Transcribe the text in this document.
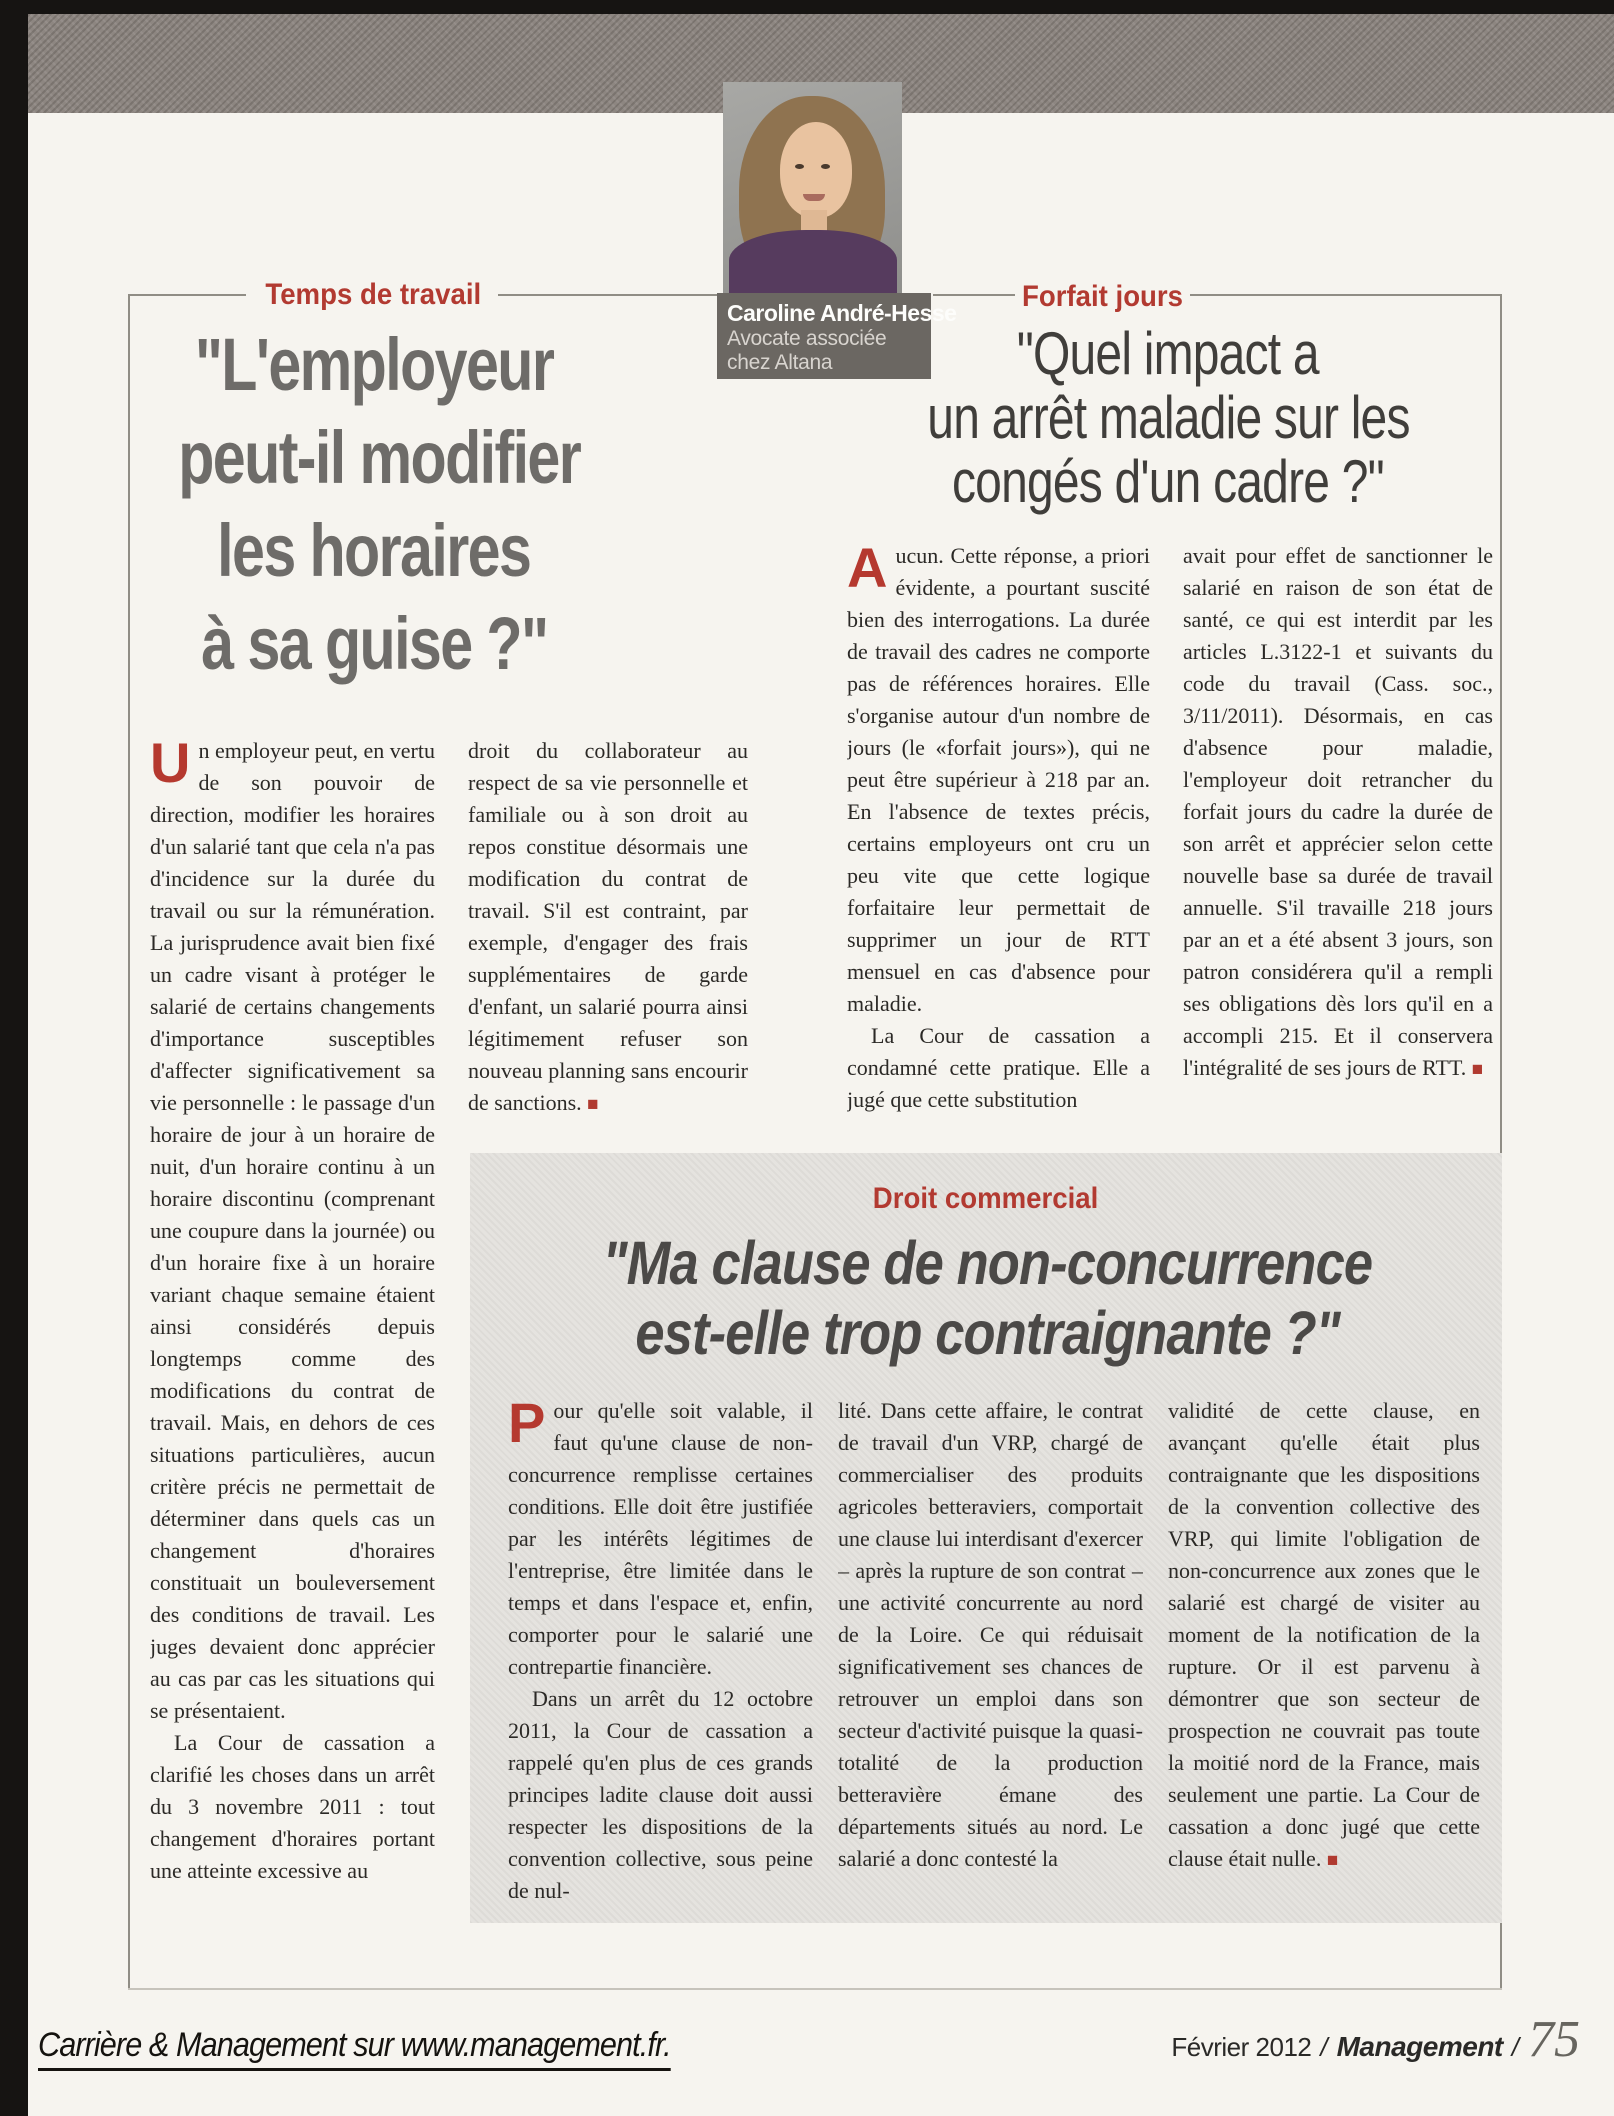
Caroline André-Hesse
Avocate associée
chez Altana
Temps de travail
"L'employeur
peut-il modifier
les horaires
à sa guise ?"

Un employeur peut, en vertu de son pouvoir de direction, modifier les horaires d'un salarié tant que cela n'a pas d'incidence sur la durée du travail ou sur la rémunération. La jurisprudence avait bien fixé un cadre visant à protéger le salarié de certains changements d'importance susceptibles d'affecter significativement sa vie personnelle : le passage d'un horaire de jour à un horaire de nuit, d'un horaire continu à un horaire discontinu (comprenant une coupure dans la journée) ou d'un horaire fixe à un horaire variant chaque semaine étaient ainsi considérés depuis longtemps comme des modifications du contrat de travail. Mais, en dehors de ces situations particulières, aucun critère précis ne permettait de déterminer dans quels cas un changement d'horaires constituait un bouleversement des conditions de travail. Les juges devaient donc apprécier au cas par cas les situations qui se présentaient.

La Cour de cassation a clarifié les choses dans un arrêt du 3 novembre 2011 : tout changement d'horaires portant une atteinte excessive au

droit du collaborateur au respect de sa vie personnelle et familiale ou à son droit au repos constitue désormais une modification du contrat de travail. S'il est contraint, par exemple, d'engager des frais supplémentaires de garde d'enfant, un salarié pourra ainsi légitimement refuser son nouveau planning sans encourir de sanctions. ■

Forfait jours
"Quel impact a
un arrêt maladie sur les
congés d'un cadre ?"

Aucun. Cette réponse, a priori évidente, a pourtant suscité bien des interrogations. La durée de travail des cadres ne comporte pas de références horaires. Elle s'organise autour d'un nombre de jours (le «forfait jours»), qui ne peut être supérieur à 218 par an. En l'absence de textes précis, certains employeurs ont cru un peu vite que cette logique forfaitaire leur permettait de supprimer un jour de RTT mensuel en cas d'absence pour maladie.

La Cour de cassation a condamné cette pratique. Elle a jugé que cette substitution

avait pour effet de sanctionner le salarié en raison de son état de santé, ce qui est interdit par les articles L.3122-1 et suivants du code du travail (Cass. soc., 3/11/2011). Désormais, en cas d'absence pour maladie, l'employeur doit retrancher du forfait jours du cadre la durée de son arrêt et apprécier selon cette nouvelle base sa durée de travail annuelle. S'il travaille 218 jours par an et a été absent 3 jours, son patron considérera qu'il a rempli ses obligations dès lors qu'il en a accompli 215. Et il conservera l'intégralité de ses jours de RTT. ■

Droit commercial
"Ma clause de non-concurrence
est-elle trop contraignante ?"

Pour qu'elle soit valable, il faut qu'une clause de non-concurrence remplisse certaines conditions. Elle doit être justifiée par les intérêts légitimes de l'entreprise, être limitée dans le temps et dans l'espace et, enfin, comporter pour le salarié une contrepartie financière.

Dans un arrêt du 12 octobre 2011, la Cour de cassation a rappelé qu'en plus de ces grands principes ladite clause doit aussi respecter les dispositions de la convention collective, sous peine de nul-

lité. Dans cette affaire, le contrat de travail d'un VRP, chargé de commercialiser des produits agricoles betteraviers, comportait une clause lui interdisant d'exercer – après la rupture de son contrat – une activité concurrente au nord de la Loire. Ce qui réduisait significativement ses chances de retrouver un emploi dans son secteur d'activité puisque la quasi-totalité de la production betteravière émane des départements situés au nord. Le salarié a donc contesté la

validité de cette clause, en avançant qu'elle était plus contraignante que les dispositions de la convention collective des VRP, qui limite l'obligation de non-concurrence aux zones que le salarié est chargé de visiter au moment de la notification de la rupture. Or il est parvenu à démontrer que son secteur de prospection ne couvrait pas toute la moitié nord de la France, mais seulement une partie. La Cour de cassation a donc jugé que cette clause était nulle. ■

Carrière & Management sur www.management.fr.	Février 2012 / Management / 75
